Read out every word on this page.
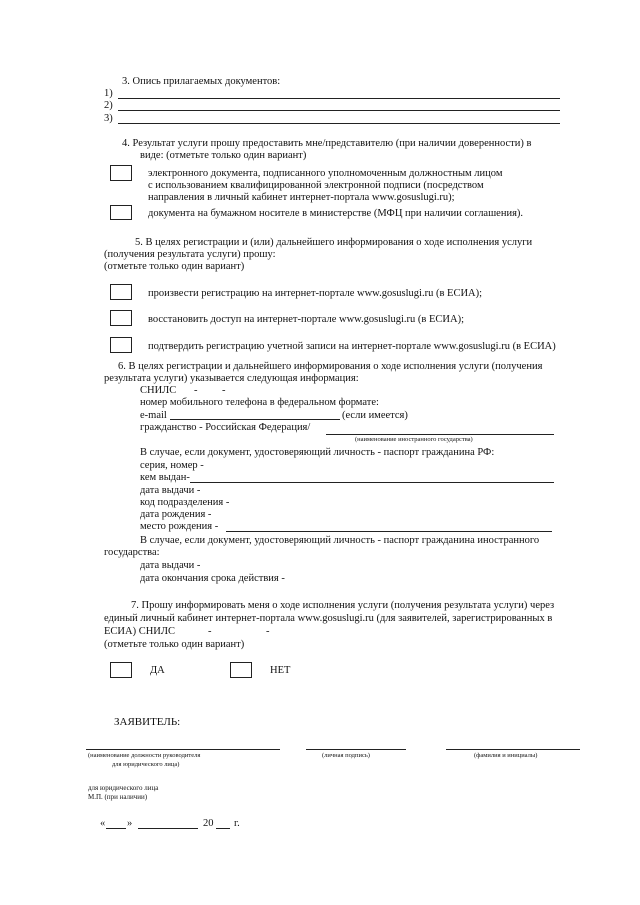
3. Опись прилагаемых документов:
1)
2)
3)
4. Результат услуги прошу предоставить мне/представителю (при наличии доверенности) в
виде: (отметьте только один вариант)
электронного документа, подписанного уполномоченным должностным лицом
с использованием квалифицированной электронной подписи (посредством
направления в личный кабинет интернет-портала www.gosuslugi.ru);
документа на бумажном носителе в министерстве (МФЦ при наличии соглашения).
5. В целях регистрации и (или) дальнейшего информирования о ходе исполнения услуги
(получения результата услуги) прошу:
(отметьте только один вариант)
произвести регистрацию на интернет-портале www.gosuslugi.ru (в ЕСИА);
восстановить доступ на интернет-портале www.gosuslugi.ru (в ЕСИА);
подтвердить регистрацию учетной записи на интернет-портале www.gosuslugi.ru (в ЕСИА)
6. В целях регистрации и дальнейшего информирования о ходе исполнения услуги (получения
результата услуги) указывается следующая информация:
СНИЛС - -
номер мобильного телефона в федеральном формате:
e-mail	(если имеется)
гражданство - Российская Федерация/
(наименование иностранного государства)
В случае, если документ, удостоверяющий личность - паспорт гражданина РФ:
серия, номер -
кем выдан-
дата выдачи -
код подразделения -
дата рождения -
место рождения -
В случае, если документ, удостоверяющий личность - паспорт гражданина иностранного
государства:
дата выдачи -
дата окончания срока действия -
7. Прошу информировать меня о ходе исполнения услуги (получения результата услуги) через
единый личный кабинет интернет-портала www.gosuslugi.ru (для заявителей, зарегистрированных в
ЕСИА) СНИЛС	-	-
(отметьте только один вариант)
ДА	НЕТ
ЗАЯВИТЕЛЬ:
(наименование должности руководителя
для юридического лица)
(личная подпись)	(фамилия и инициалы)
для юридического лица
М.П. (при наличии)
« »	20 г.
